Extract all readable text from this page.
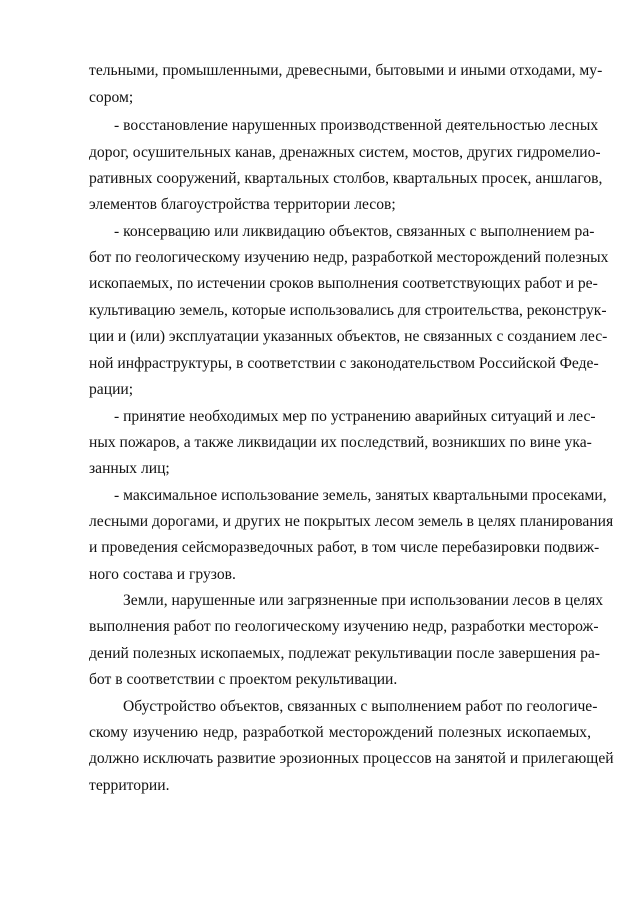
тельными, промышленными, древесными, бытовыми и иными отходами, му-
сором;
- восстановление нарушенных производственной деятельностью лесных
дорог, осушительных канав, дренажных систем, мостов, других гидромелио-
ративных сооружений, квартальных столбов, квартальных просек, аншлагов,
элементов благоустройства территории лесов;
- консервацию или ликвидацию объектов, связанных с выполнением ра-
бот по геологическому изучению недр, разработкой месторождений полезных
ископаемых, по истечении сроков выполнения соответствующих работ и ре-
культивацию земель, которые использовались для строительства, реконструк-
ции и (или) эксплуатации указанных объектов, не связанных с созданием лес-
ной инфраструктуры, в соответствии с законодательством Российской Феде-
рации;
- принятие необходимых мер по устранению аварийных ситуаций и лес-
ных пожаров, а также ликвидации их последствий, возникших по вине ука-
занных лиц;
- максимальное использование земель, занятых квартальными просеками,
лесными дорогами, и других не покрытых лесом земель в целях планирования
и проведения сейсморазведочных работ, в том числе перебазировки подвиж-
ного состава и грузов.
Земли, нарушенные или загрязненные при использовании лесов в целях
выполнения работ по геологическому изучению недр, разработки месторож-
дений полезных ископаемых, подлежат рекультивации после завершения ра-
бот в соответствии с проектом рекультивации.
Обустройство объектов, связанных с выполнением работ по геологиче-
скому изучению недр, разработкой месторождений полезных ископаемых,
должно исключать развитие эрозионных процессов на занятой и прилегающей
территории.
